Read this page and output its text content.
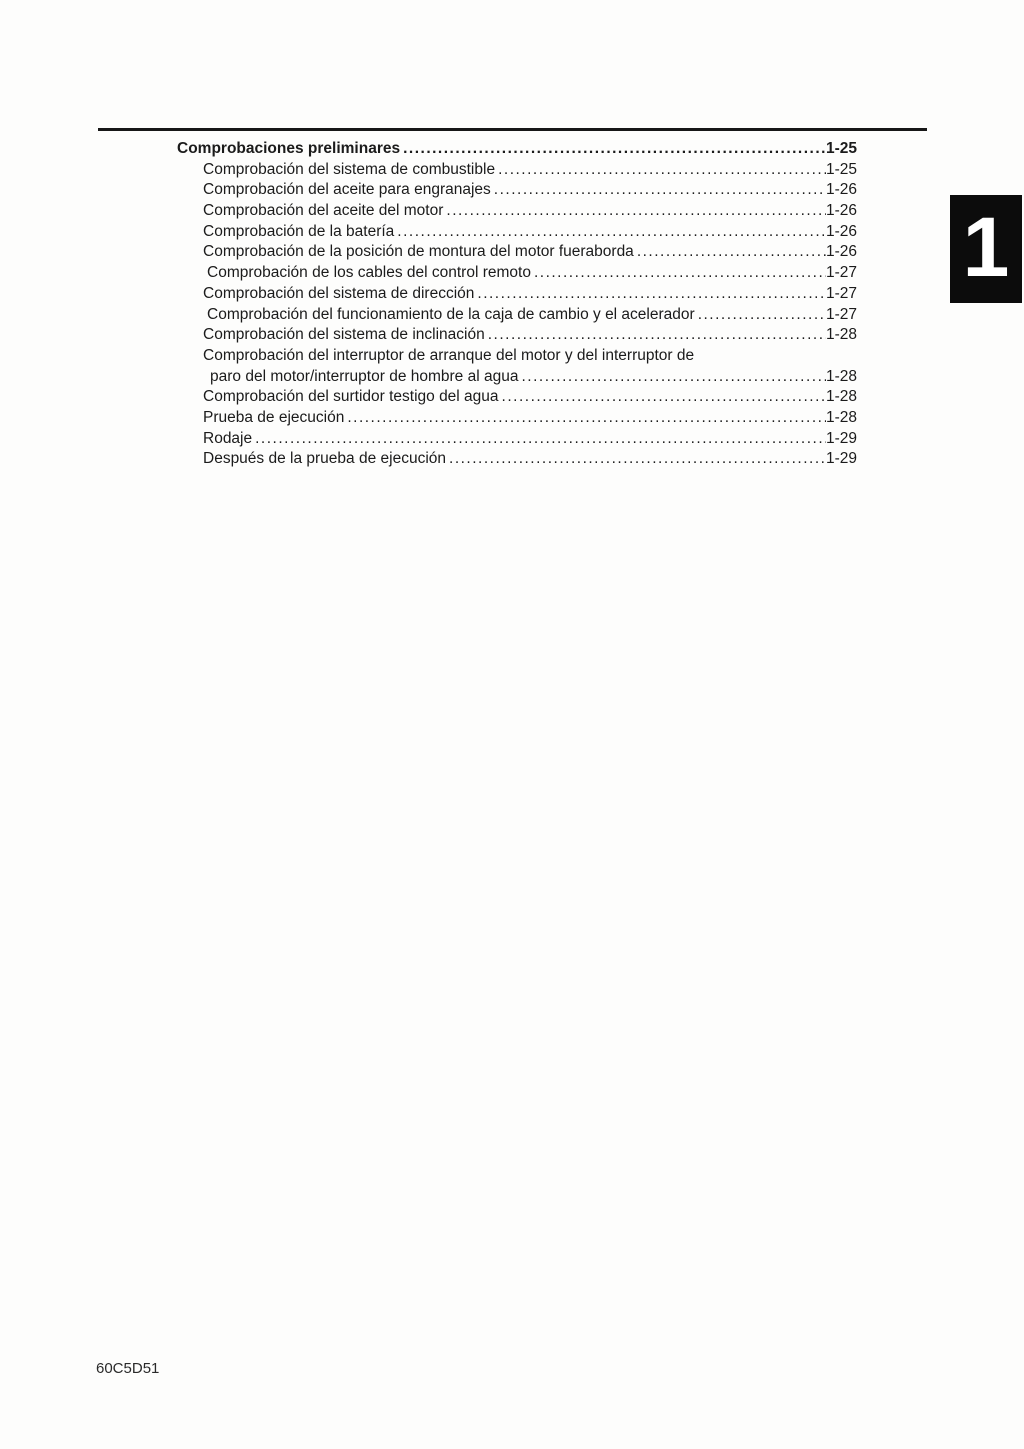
1
Comprobaciones preliminares .....	1-25
Comprobación del sistema de combustible .....	1-25
Comprobación del aceite para engranajes .....	1-26
Comprobación del aceite del motor .....	1-26
Comprobación de la batería .....	1-26
Comprobación de la posición de montura del motor fueraborda .....	1-26
Comprobación de los cables del control remoto .....	1-27
Comprobación del sistema de dirección .....	1-27
Comprobación del funcionamiento de la caja de cambio y el acelerador .....	1-27
Comprobación del sistema de inclinación .....	1-28
Comprobación del interruptor de arranque del motor y del interruptor de
paro del motor/interruptor de hombre al agua .....	1-28
Comprobación del surtidor testigo del agua .....	1-28
Prueba de ejecución .....	1-28
Rodaje .....	1-29
Después de la prueba de ejecución .....	1-29
60C5D51
